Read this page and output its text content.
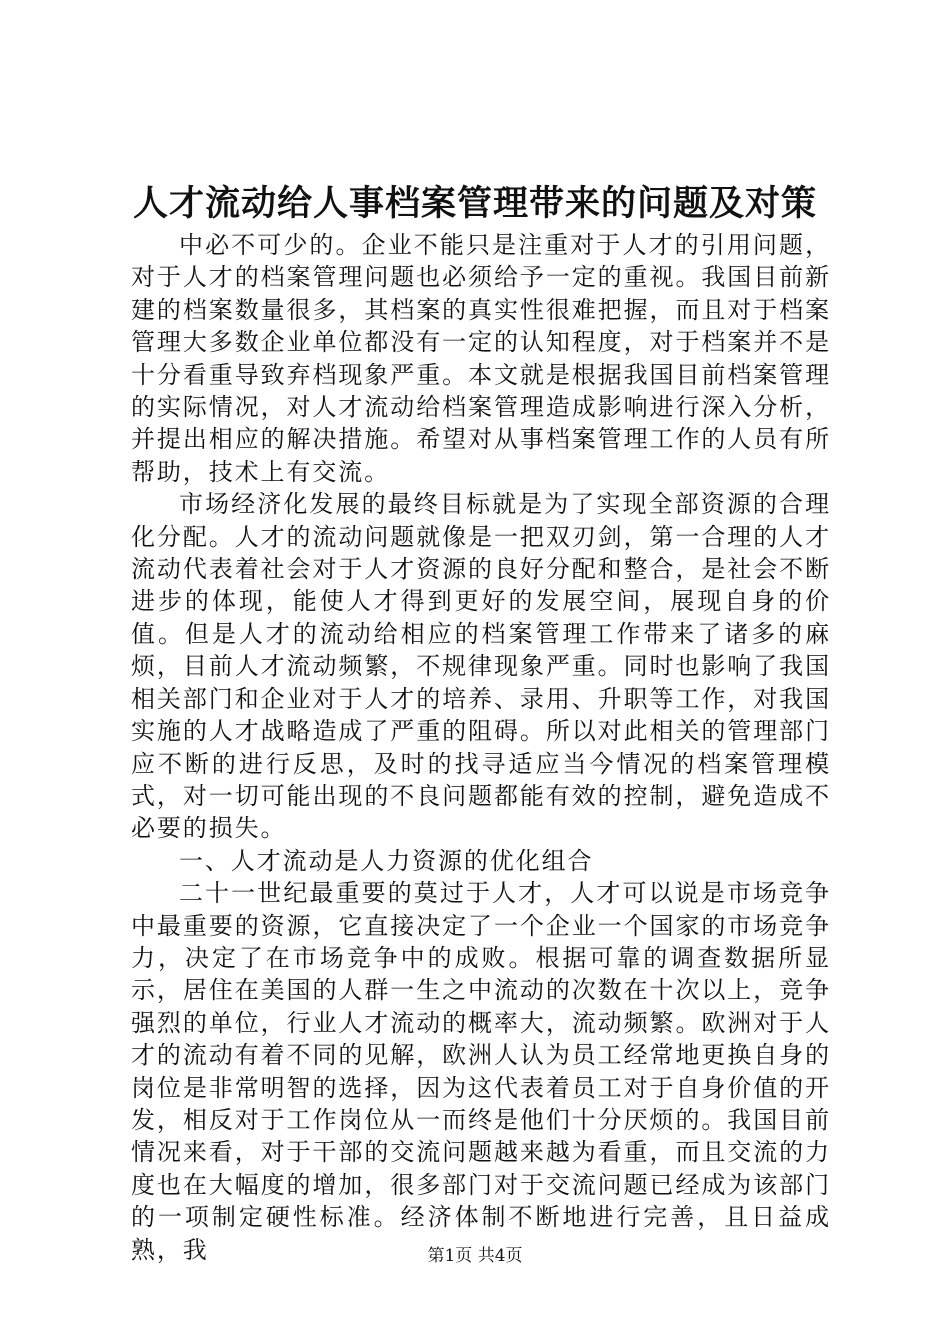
人才流动给人事档案管理带来的问题及对策

中必不可少的。企业不能只是注重对于人才的引用问题，对于人才的档案管理问题也必须给予一定的重视。我国目前新建的档案数量很多，其档案的真实性很难把握，而且对于档案管理大多数企业单位都没有一定的认知程度，对于档案并不是十分看重导致弃档现象严重。本文就是根据我国目前档案管理的实际情况，对人才流动给档案管理造成影响进行深入分析，并提出相应的解决措施。希望对从事档案管理工作的人员有所帮助，技术上有交流。

市场经济化发展的最终目标就是为了实现全部资源的合理化分配。人才的流动问题就像是一把双刃剑，第一合理的人才流动代表着社会对于人才资源的良好分配和整合，是社会不断进步的体现，能使人才得到更好的发展空间，展现自身的价值。但是人才的流动给相应的档案管理工作带来了诸多的麻烦，目前人才流动频繁，不规律现象严重。同时也影响了我国相关部门和企业对于人才的培养、录用、升职等工作，对我国实施的人才战略造成了严重的阻碍。所以对此相关的管理部门应不断的进行反思，及时的找寻适应当今情况的档案管理模式，对一切可能出现的不良问题都能有效的控制，避免造成不必要的损失。

一、人才流动是人力资源的优化组合

二十一世纪最重要的莫过于人才，人才可以说是市场竞争中最重要的资源，它直接决定了一个企业一个国家的市场竞争力，决定了在市场竞争中的成败。根据可靠的调查数据所显示，居住在美国的人群一生之中流动的次数在十次以上，竞争强烈的单位，行业人才流动的概率大，流动频繁。欧洲对于人才的流动有着不同的见解，欧洲人认为员工经常地更换自身的岗位是非常明智的选择，因为这代表着员工对于自身价值的开发，相反对于工作岗位从一而终是他们十分厌烦的。我国目前情况来看，对于干部的交流问题越来越为看重，而且交流的力度也在大幅度的增加，很多部门对于交流问题已经成为该部门的一项制定硬性标准。经济体制不断地进行完善，且日益成熟，我	第1页 共4页
